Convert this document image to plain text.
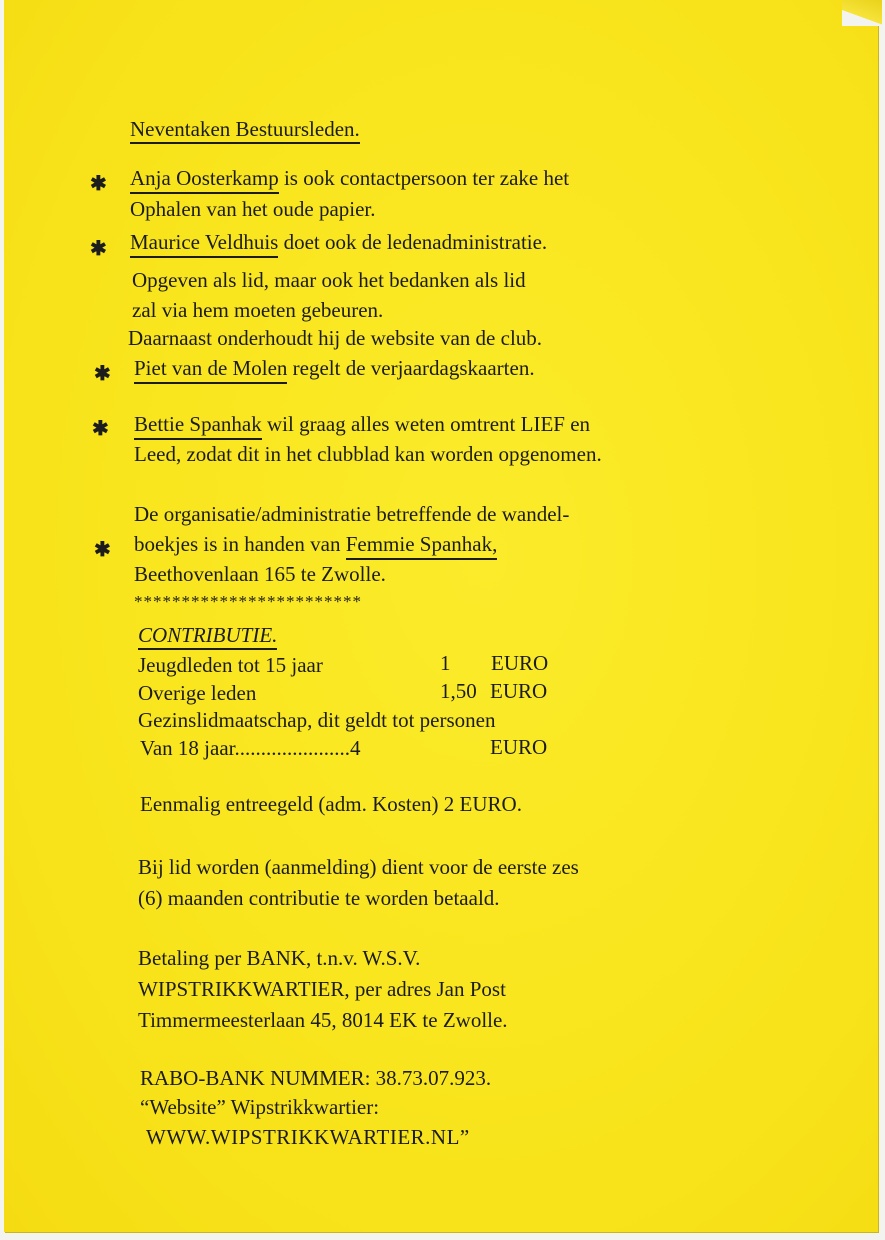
Neventaken Bestuursleden.
✱ Anja Oosterkamp is ook contactpersoon ter zake het
Ophalen van het oude papier.
✱ Maurice Veldhuis doet ook de ledenadministratie.
Opgeven als lid, maar ook het bedanken als lid
zal via hem moeten gebeuren.
Daarnaast onderhoudt hij de website van de club.
✱ Piet van de Molen regelt de verjaardagskaarten.
✱ Bettie Spanhak wil graag alles weten omtrent LIEF en
Leed, zodat dit in het clubblad kan worden opgenomen.
De organisatie/administratie betreffende de wandel-
✱ boekjes is in handen van Femmie Spanhak,
Beethovenlaan 165 te Zwolle.
************************
CONTRIBUTIE.
Jeugdleden tot 15 jaar	1 EURO
Overige leden	1,50 EURO
Gezinslidmaatschap, dit geldt tot personen
Van 18 jaar......................4	EURO
Eenmalig entreegeld (adm. Kosten) 2 EURO.
Bij lid worden (aanmelding) dient voor de eerste zes
(6) maanden contributie te worden betaald.
Betaling per BANK, t.n.v. W.S.V.
WIPSTRIKKWARTIER, per adres Jan Post
Timmermeesterlaan 45, 8014 EK te Zwolle.
RABO-BANK NUMMER: 38.73.07.923.
“Website” Wipstrikkwartier:
WWW.WIPSTRIKKWARTIER.NL”
